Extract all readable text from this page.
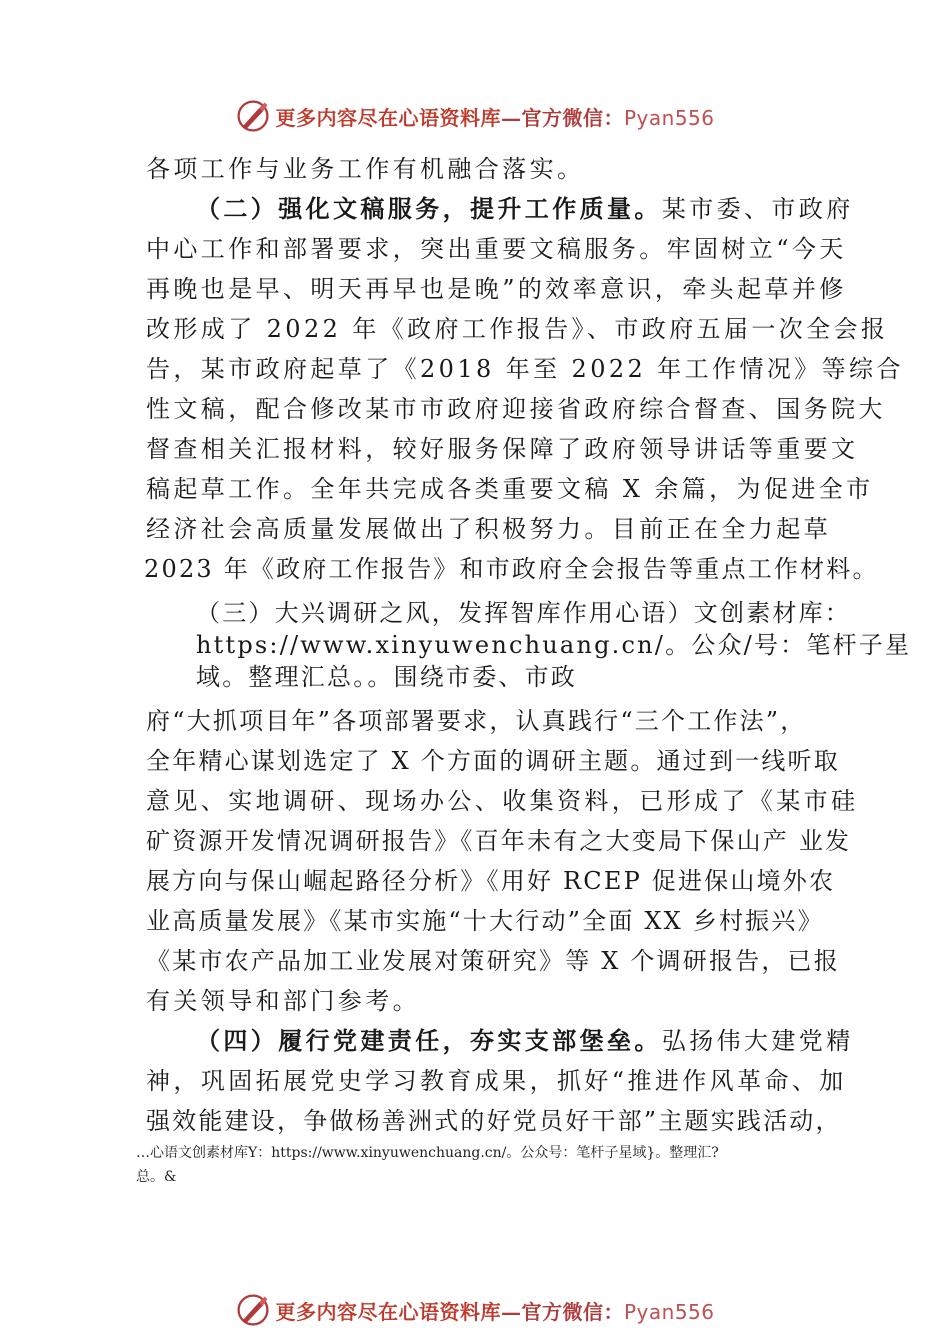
更多内容尽在心语资料库—官方微信：Pyan556
各项工作与业务工作有机融合落实。
（二）强化文稿服务，提升工作质量。某市委、市政府
中心工作和部署要求，突出重要文稿服务。牢固树立“今天
再晚也是早、明天再早也是晚”的效率意识，牵头起草并修
改形成了 2022 年《政府工作报告》、市政府五届一次全会报
告，某市政府起草了《2018 年至 2022 年工作情况》等综合
性文稿，配合修改某市市政府迎接省政府综合督查、国务院大
督查相关汇报材料，较好服务保障了政府领导讲话等重要文
稿起草工作。全年共完成各类重要文稿 X 余篇，为促进全市
经济社会高质量发展做出了积极努力。目前正在全力起草
2023 年《政府工作报告》和市政府全会报告等重点工作材料。
（三）大兴调研之风，发挥智库作用心语）文创素材库：
https://www.xinyuwenchuang.cn/。公众/号：笔杆子星
域。整理汇总。。围绕市委、市政
府“大抓项目年”各项部署要求，认真践行“三个工作法”，
全年精心谋划选定了 X 个方面的调研主题。通过到一线听取
意见、实地调研、现场办公、收集资料，已形成了《某市硅
矿资源开发情况调研报告》《百年未有之大变局下保山产 业发
展方向与保山崛起路径分析》《用好 RCEP 促进保山境外农
业高质量发展》《某市实施“十大行动”全面 XX 乡村振兴》
《某市农产品加工业发展对策研究》等 X 个调研报告，已报
有关领导和部门参考。
（四）履行党建责任，夯实支部堡垒。弘扬伟大建党精
神，巩固拓展党史学习教育成果，抓好“推进作风革命、加
强效能建设，争做杨善洲式的好党员好干部”主题实践活动，
…心语文创素材库Y：https://www.xinyuwenchuang.cn/。公众号：笔杆子星域}。整理汇?
总。&
更多内容尽在心语资料库—官方微信：Pyan556
